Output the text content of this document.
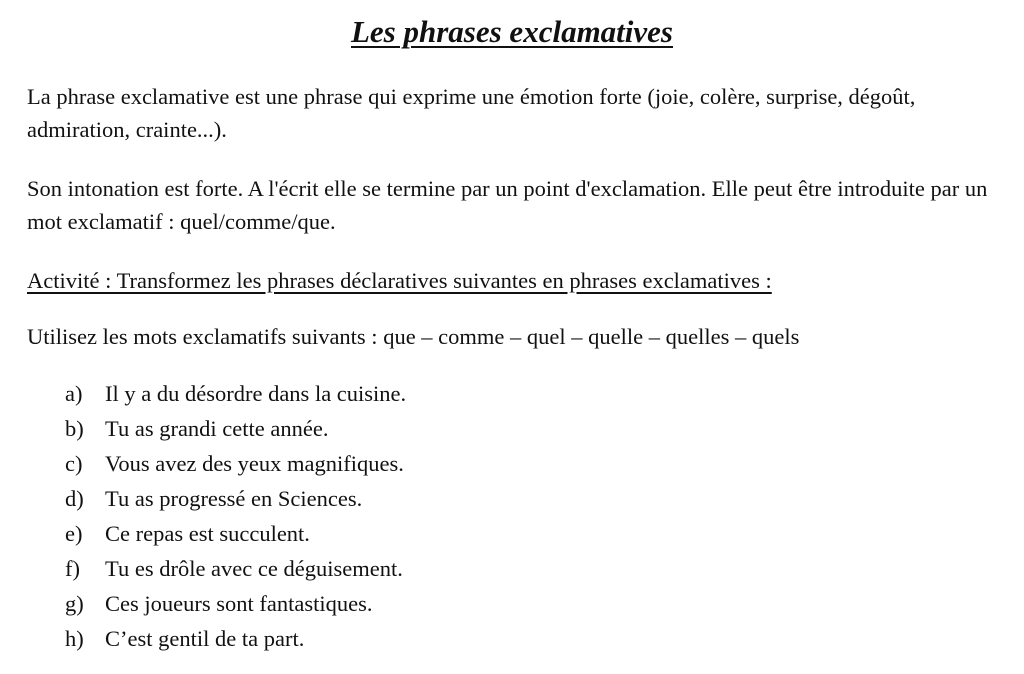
Les phrases exclamatives

La phrase exclamative est une phrase qui exprime une émotion forte (joie, colère, surprise, dégoût, admiration, crainte...).

Son intonation est forte. A l'écrit elle se termine par un point d'exclamation. Elle peut être introduite par un mot exclamatif : quel/comme/que.

Activité : Transformez les phrases déclaratives suivantes en phrases exclamatives :

Utilisez les mots exclamatifs suivants : que – comme – quel – quelle – quelles – quels

a)	Il y a du désordre dans la cuisine.
b) Tu as grandi cette année.
c)	Vous avez des yeux magnifiques.
d) Tu as progressé en Sciences.
e)	Ce repas est succulent.
f)	Tu es drôle avec ce déguisement.
g) Ces joueurs sont fantastiques.
h) C’est gentil de ta part.
